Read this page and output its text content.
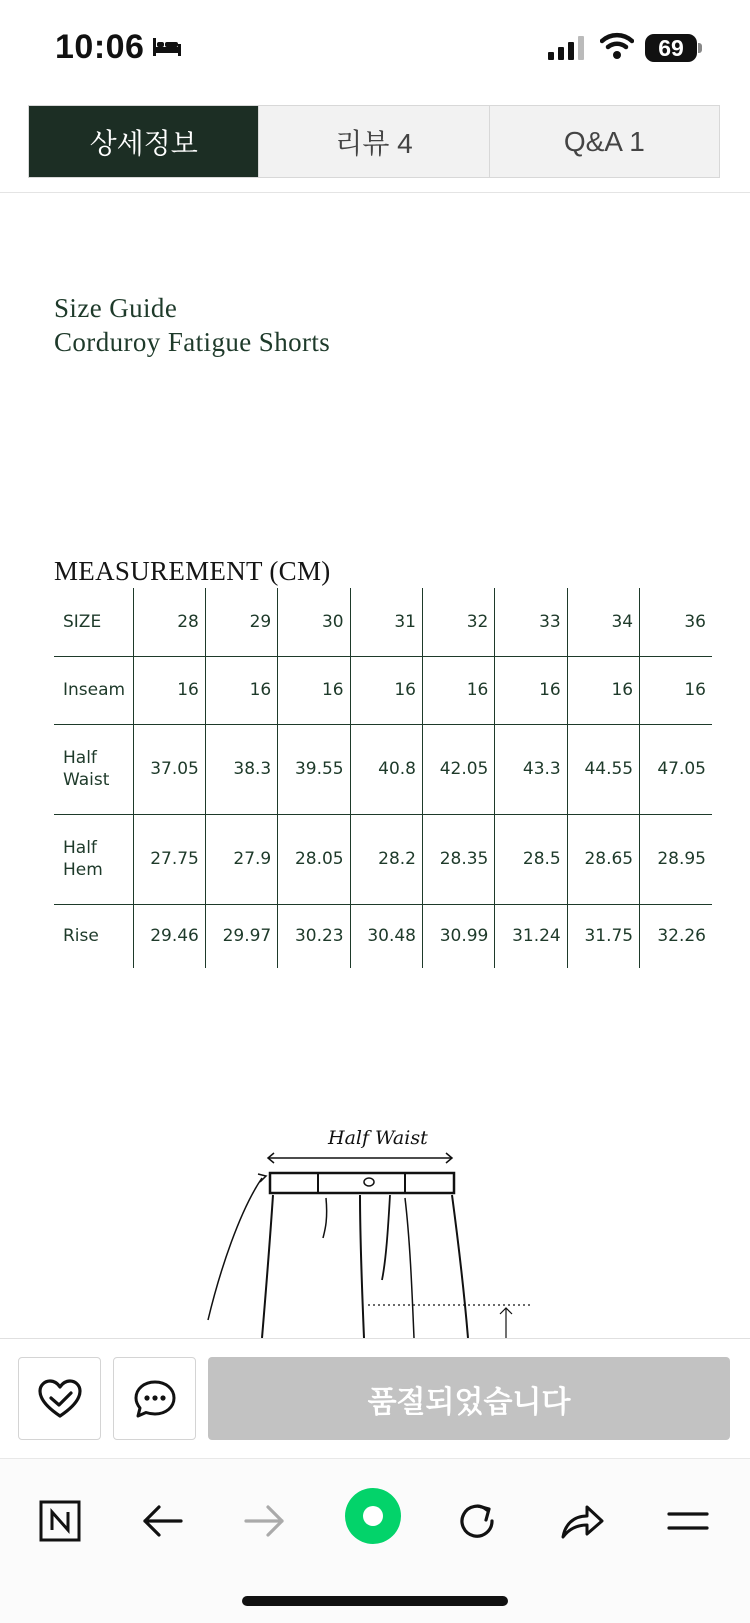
10:06	69
상세정보	리뷰 4	Q&A 1
Size Guide
Corduroy Fatigue Shorts
MEASUREMENT (CM)
SIZE	28	29	30	31	32	33	34	36
Inseam	16	16	16	16	16	16	16	16

Half
Waist	37.05	38.3	39.55	40.8	42.05	43.3	44.55	47.05

Half
Hem	27.75	27.9	28.05	28.2	28.35	28.5	28.65	28.95
Rise	29.46	29.97	30.23	30.48	30.99	31.24	31.75	32.26
Half Waist
품절되었습니다
